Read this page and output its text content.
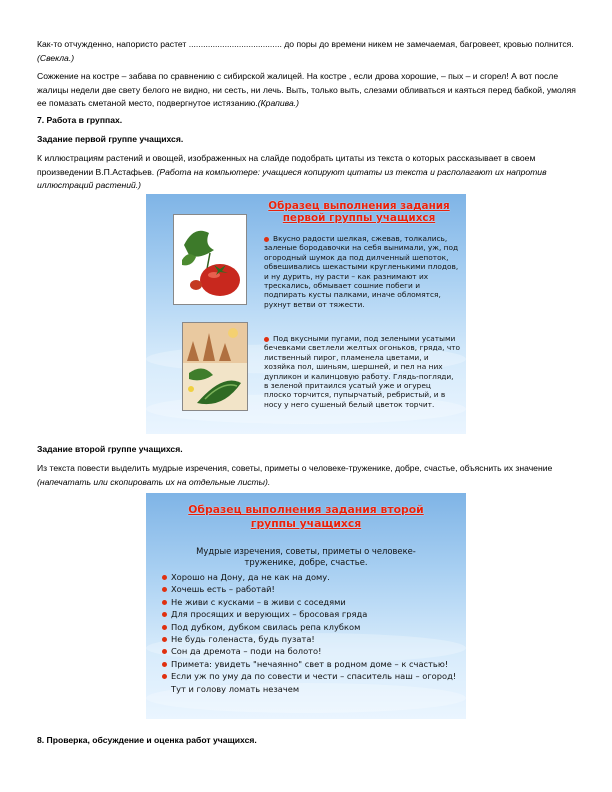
Как-то отчужденно, напористо растет ....................................... до поры до времени никем не замечаемая, багровеет, кровью полнится. (Свекла.)
Сожжение на костре – забава по сравнению с сибирской жалицей. На костре , если дрова хорошие, – пых – и сгорел! А вот после жалицы недели две свету белого не видно, ни сесть, ни лечь. Выть, только выть, слезами обливаться и каяться перед бабкой, умоляя ее помазать сметаной место, подвергнутое истязанию.(Крапива.)
7. Работа в группах.
Задание первой группе учащихся.
К иллюстрациям растений и овощей, изображенных на слайде подобрать цитаты из текста о которых рассказывает в своем произведении В.П.Астафьев. (Работа на компьютере: учащиеся копируют цитаты из текста и располагают их напротив иллюстраций растений.)
Образец выполнения задания
первой группы учащихся
Вкусно радости шелкая, сжевав, толкались, заленые бородавочки на себя вынимали, уж, под огородный шумок да под дилченный шепоток, обвешивались шекастыми кругленькими плодов, и ну дурить, ну расти – как разнимают их трескались, обмывает сошние побеги и подпирать кусты палками, иначе обломятся, рухнут ветви от тяжести.
Под вкусными пугами, под зелеными усатыми бечевками светлели желтых огоньков, гряда, что лиственный пирог, пламенела цветами, и хозяйка пол, шиньям, шершней, и пел на них дупликон и калинцовую работу. Глядь-погляди, в зеленой притаился усатый уже и огурец плоско торчится, пупырчатый, ребристый, и в носу у него сушеный белый цветок торчит.
Задание второй группе учащихся.
Из текста повести выделить мудрые изречения, советы, приметы о человеке-труженике, добре, счастье, объяснить их значение (напечатать или скопировать их на отдельные листы).
Образец выполнения задания второй
группы учащихся
Мудрые изречения, советы, приметы о человеке-
труженике, добре, счастье.
Хорошо на Дону, да не как на дому.
Хочешь есть – работай!
Не живи с кусками – в живи с соседями
Для просящих и верующих – бросовая гряда
Под дубком, дубком свилась репа клубком
Не будь голенаста, будь пузата!
Сон да дремота – поди на болото!
Примета: увидеть "нечаянно" свет в родном доме – к счастью!
Если уж по уму да по совести и чести – спаситель наш – огород! Тут и голову ломать незачем
8. Проверка, обсуждение и оценка работ учащихся.
